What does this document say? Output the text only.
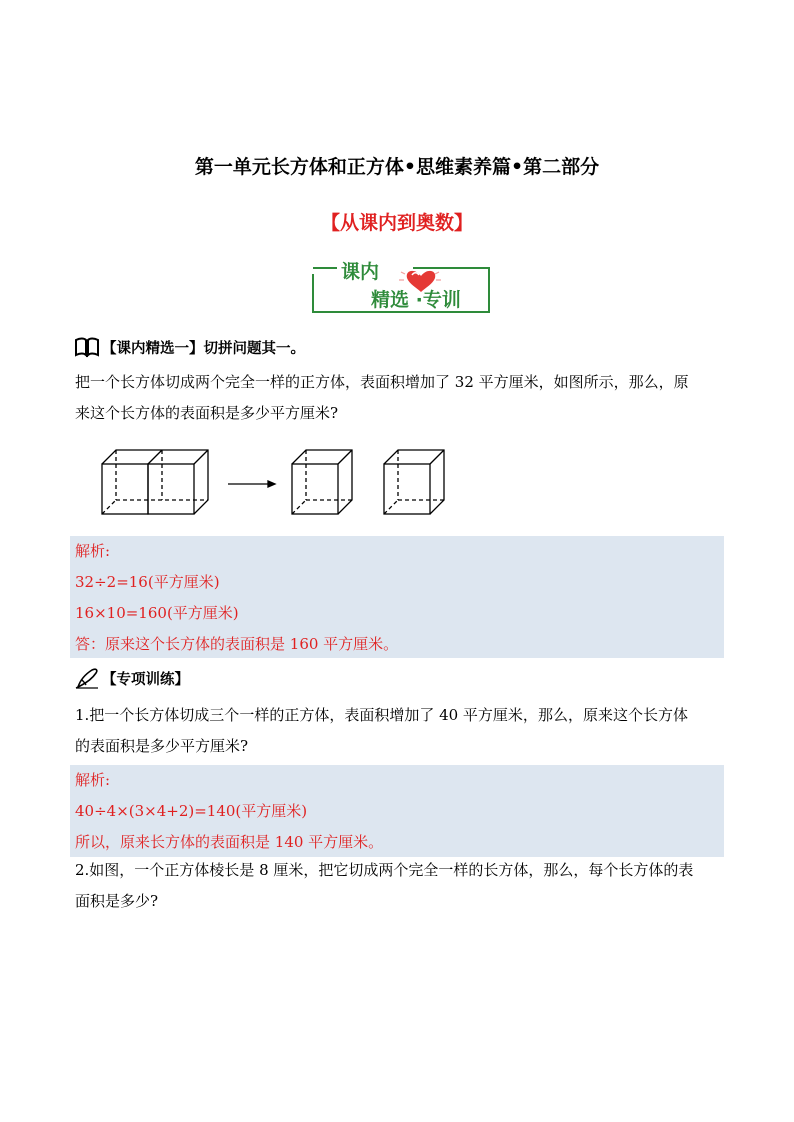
第一单元长方体和正方体•思维素养篇•第二部分
【从课内到奥数】
课内
精选 ·专训
【课内精选一】切拼问题其一。
把一个长方体切成两个完全一样的正方体，表面积增加了 32 平方厘米，如图所示，那么，原
来这个长方体的表面积是多少平方厘米?
解析:
32÷2=16(平方厘米)
16×10=160(平方厘米)
答：原来这个长方体的表面积是 160 平方厘米。
【专项训练】
1.把一个长方体切成三个一样的正方体，表面积增加了 40 平方厘米，那么，原来这个长方体
的表面积是多少平方厘米?
解析:
40÷4×(3×4+2)=140(平方厘米)
所以，原来长方体的表面积是 140 平方厘米。
2.如图，一个正方体棱长是 8 厘米，把它切成两个完全一样的长方体，那么，每个长方体的表
面积是多少?
